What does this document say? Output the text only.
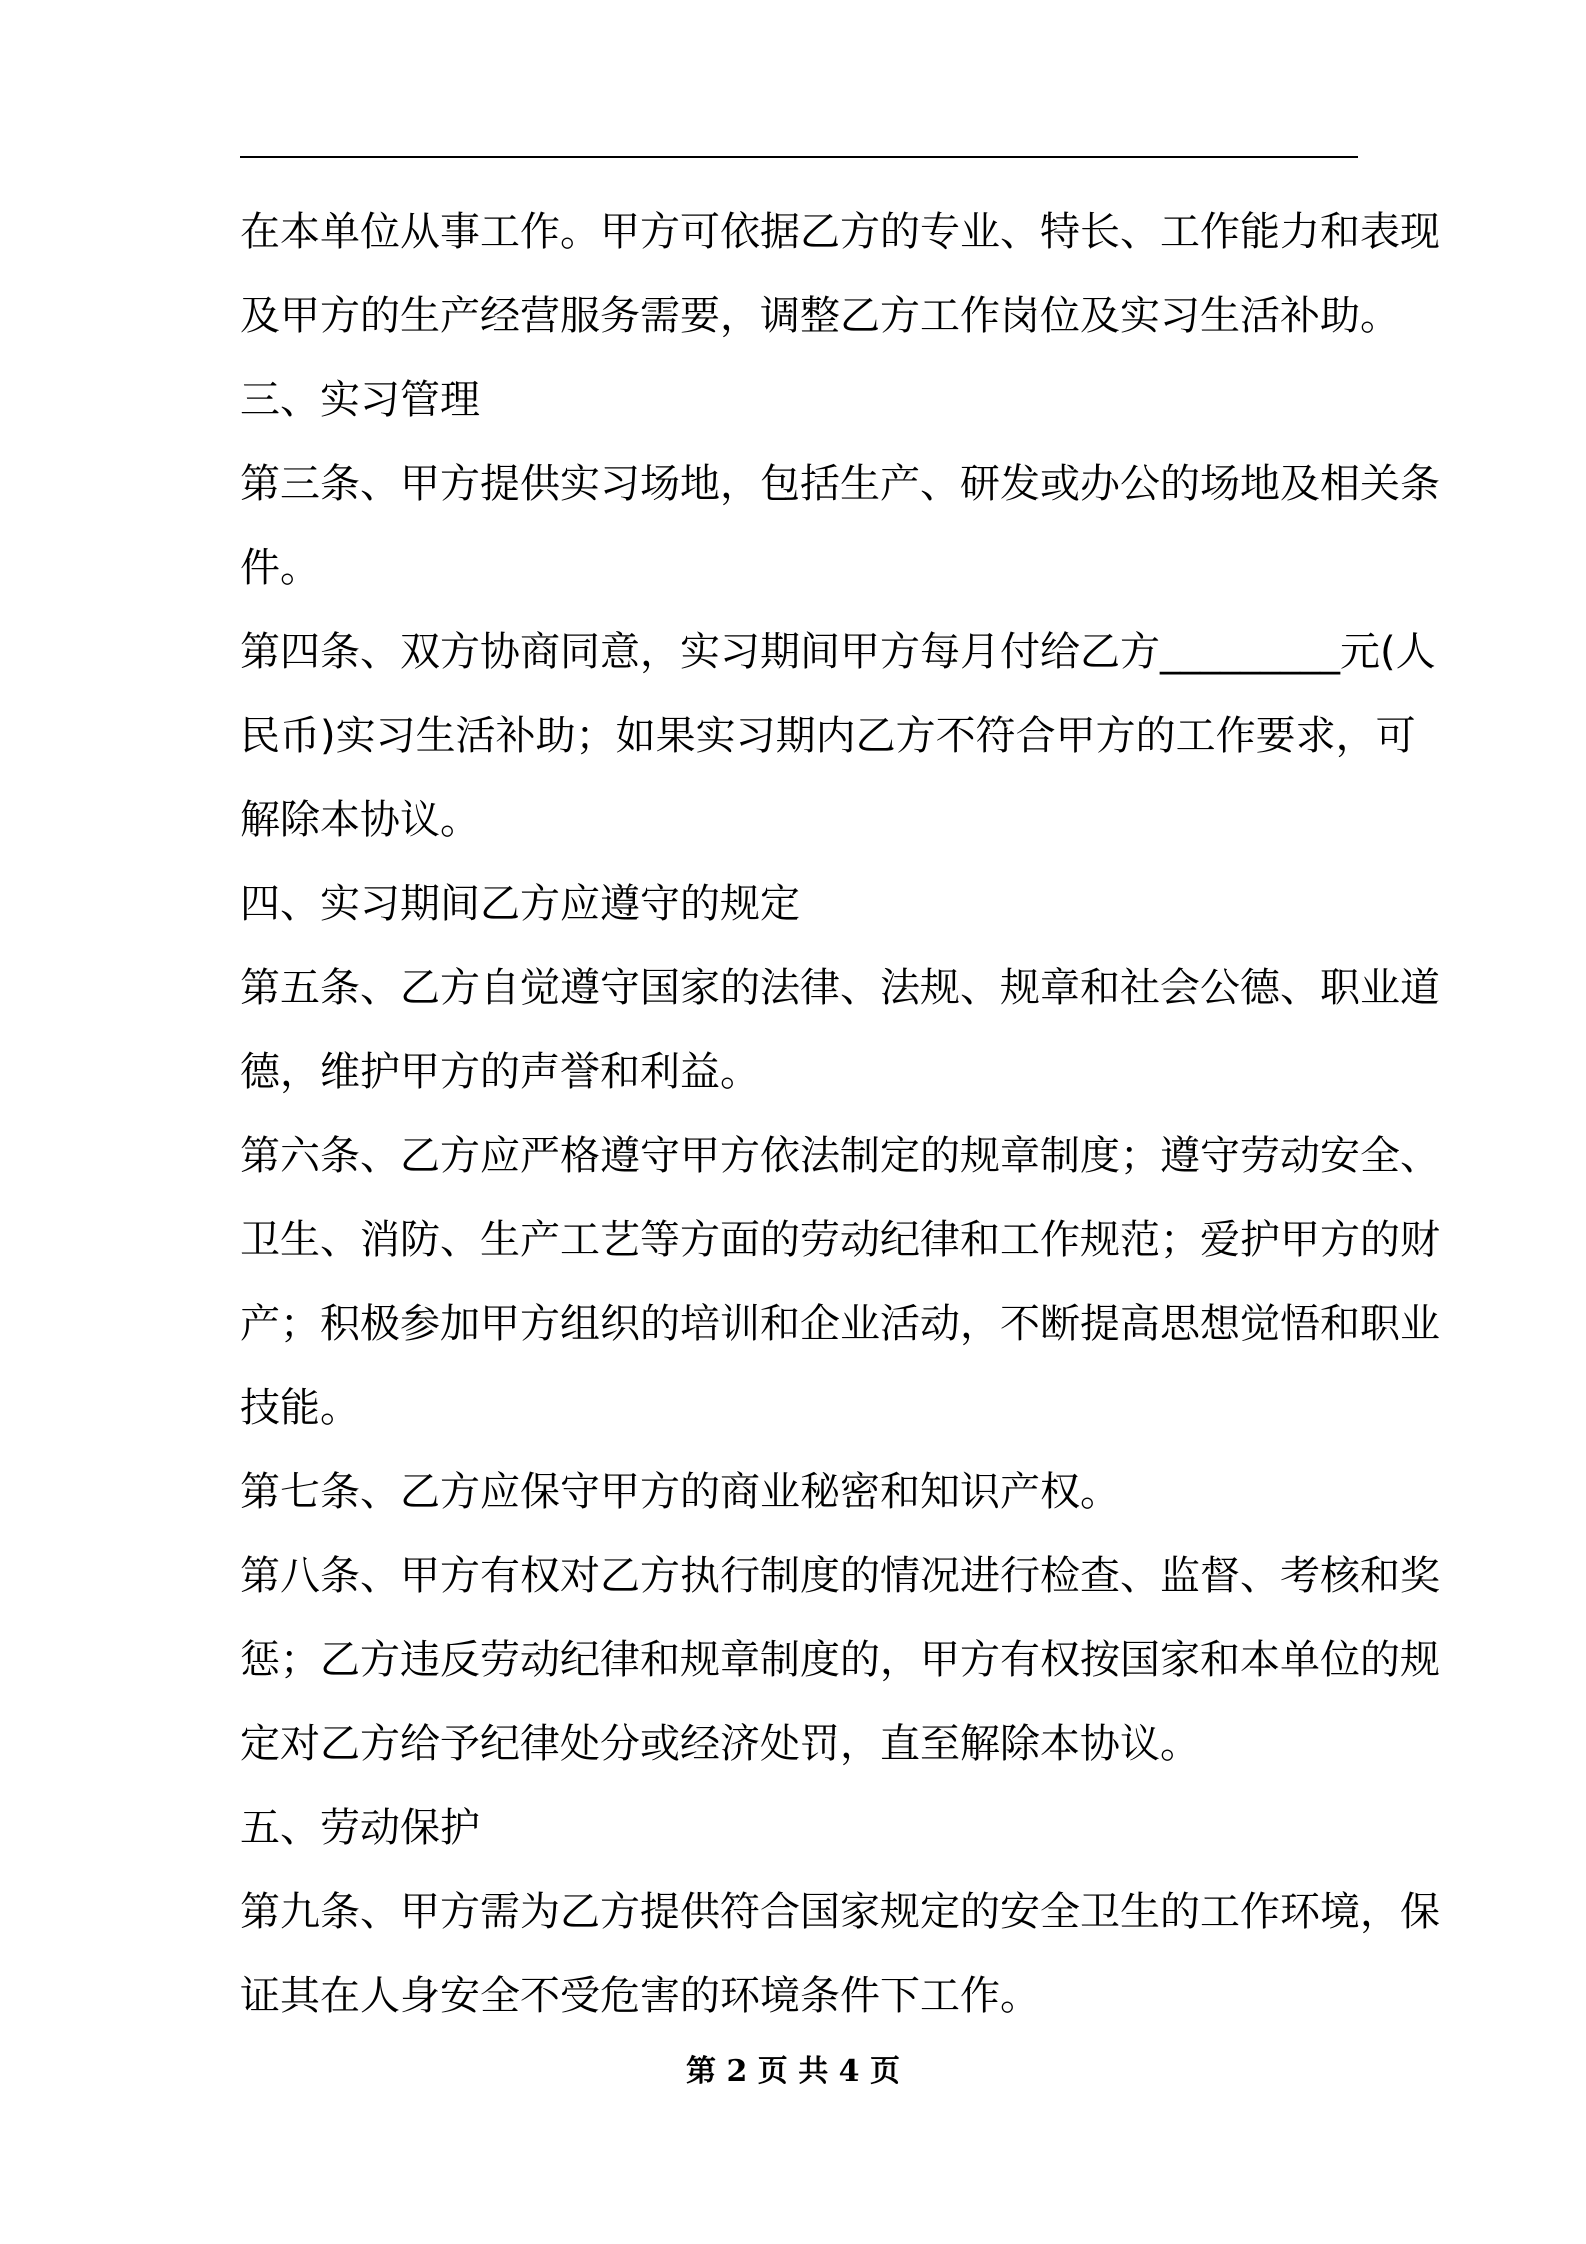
在本单位从事工作。甲方可依据乙方的专业、特长、工作能力和表现
及甲方的生产经营服务需要，调整乙方工作岗位及实习生活补助。
三、实习管理
第三条、甲方提供实习场地，包括生产、研发或办公的场地及相关条
件。
第四条、双方协商同意，实习期间甲方每月付给乙方_________元(人
民币)实习生活补助；如果实习期内乙方不符合甲方的工作要求，可
解除本协议。
四、实习期间乙方应遵守的规定
第五条、乙方自觉遵守国家的法律、法规、规章和社会公德、职业道
德，维护甲方的声誉和利益。
第六条、乙方应严格遵守甲方依法制定的规章制度；遵守劳动安全、
卫生、消防、生产工艺等方面的劳动纪律和工作规范；爱护甲方的财
产；积极参加甲方组织的培训和企业活动，不断提高思想觉悟和职业
技能。
第七条、乙方应保守甲方的商业秘密和知识产权。
第八条、甲方有权对乙方执行制度的情况进行检查、监督、考核和奖
惩；乙方违反劳动纪律和规章制度的，甲方有权按国家和本单位的规
定对乙方给予纪律处分或经济处罚，直至解除本协议。
五、劳动保护
第九条、甲方需为乙方提供符合国家规定的安全卫生的工作环境，保
证其在人身安全不受危害的环境条件下工作。
第 2 页 共 4 页
